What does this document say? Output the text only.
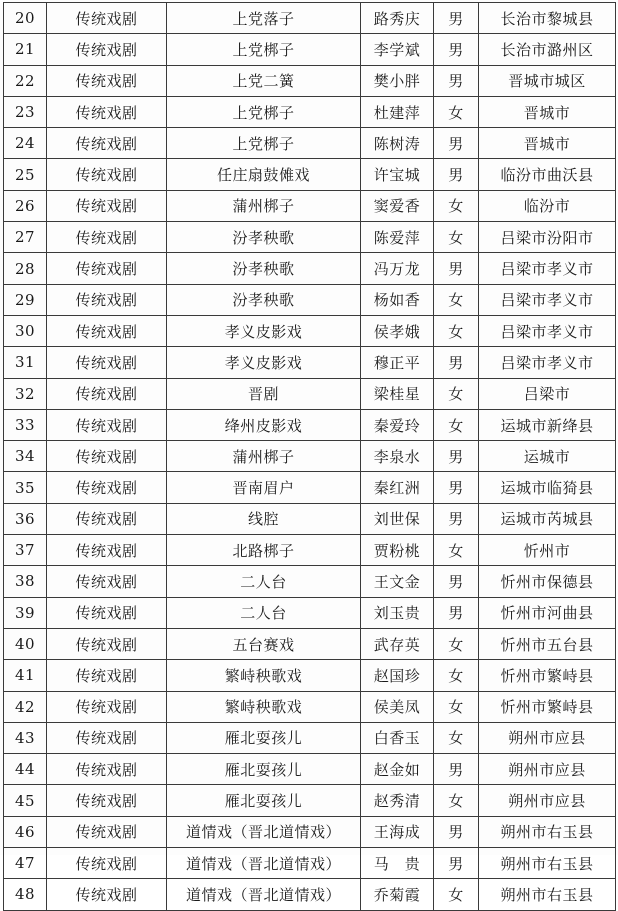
20	传统戏剧	上党落子	路秀庆	男	长治市黎城县
21	传统戏剧	上党梆子	李学斌	男	长治市潞州区
22	传统戏剧	上党二簧	樊小胖	男	晋城市城区
23	传统戏剧	上党梆子	杜建萍	女	晋城市
24	传统戏剧	上党梆子	陈树涛	男	晋城市
25	传统戏剧	任庄扇鼓傩戏	许宝城	男	临汾市曲沃县
26	传统戏剧	蒲州梆子	窦爱香	女	临汾市
27	传统戏剧	汾孝秧歌	陈爱萍	女	吕梁市汾阳市
28	传统戏剧	汾孝秧歌	冯万龙	男	吕梁市孝义市
29	传统戏剧	汾孝秧歌	杨如香	女	吕梁市孝义市
30	传统戏剧	孝义皮影戏	侯孝娥	女	吕梁市孝义市
31	传统戏剧	孝义皮影戏	穆正平	男	吕梁市孝义市
32	传统戏剧	晋剧	梁桂星	女	吕梁市
33	传统戏剧	绛州皮影戏	秦爱玲	女	运城市新绛县
34	传统戏剧	蒲州梆子	李泉水	男	运城市
35	传统戏剧	晋南眉户	秦红洲	男	运城市临猗县
36	传统戏剧	线腔	刘世保	男	运城市芮城县
37	传统戏剧	北路梆子	贾粉桃	女	忻州市
38	传统戏剧	二人台	王文金	男	忻州市保德县
39	传统戏剧	二人台	刘玉贵	男	忻州市河曲县
40	传统戏剧	五台赛戏	武存英	女	忻州市五台县
41	传统戏剧	繁峙秧歌戏	赵国珍	女	忻州市繁峙县
42	传统戏剧	繁峙秧歌戏	侯美凤	女	忻州市繁峙县
43	传统戏剧	雁北耍孩儿	白香玉	女	朔州市应县
44	传统戏剧	雁北耍孩儿	赵金如	男	朔州市应县
45	传统戏剧	雁北耍孩儿	赵秀清	女	朔州市应县
46	传统戏剧	道情戏（晋北道情戏）	王海成	男	朔州市右玉县
47	传统戏剧	道情戏（晋北道情戏）	马　贵	男	朔州市右玉县
48	传统戏剧	道情戏（晋北道情戏）	乔菊霞	女	朔州市右玉县
